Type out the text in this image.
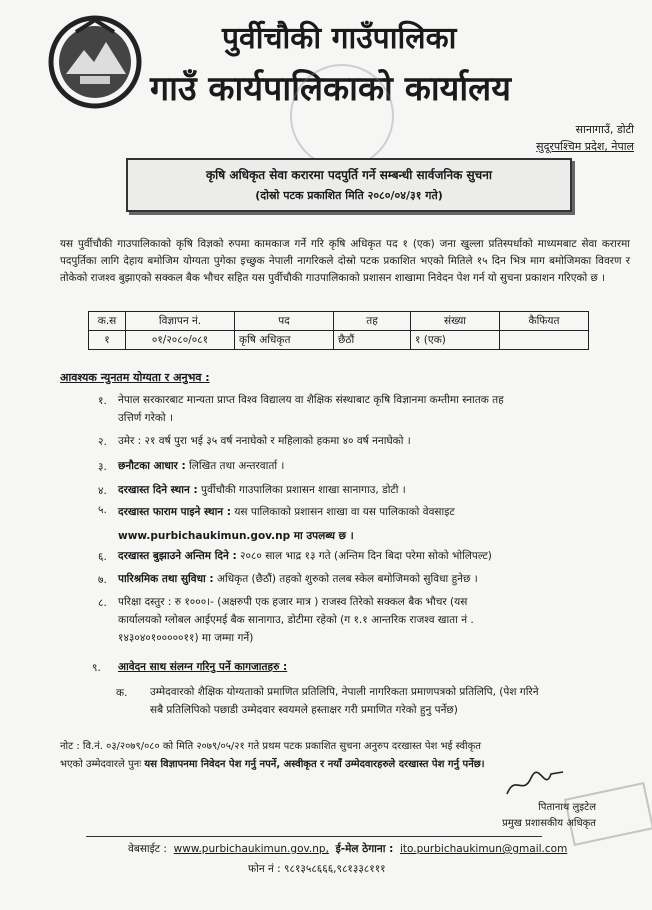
पुर्वीचौकी गाउँपालिका
गाउँ कार्यपालिकाको कार्यालय
सानागाउँ, डोटी
सुदूरपश्चिम प्रदेश, नेपाल
कृषि अधिकृत सेवा करारमा पदपुर्ति गर्ने सम्बन्धी सार्वजनिक सुचना
(दोस्रो पटक प्रकाशित मिति २०८०/०४/३१ गते)
यस पुर्वीचौकी गाउपालिकाको कृषि विज्ञको रुपमा कामकाज गर्ने गरि कृषि अधिकृत पद १ (एक) जना खुल्ला प्रतिस्पर्धाको माध्यमबाट सेवा करारमा पदपुर्तिका लागि देहाय बमोजिम योग्यता पुगेका इच्छुक नेपाली नागरिकले दोस्रो पटक प्रकाशित भएको मितिले १५ दिन भित्र माग बमोजिमका विवरण र तोकेको राजश्व बुझाएको सक्कल बैक भौचर सहित यस पुर्वीचौकी गाउपालिकाको प्रशासन शाखामा निवेदन पेश गर्न यो सुचना प्रकाशन गरिएको छ ।
क.स	विज्ञापन नं.	पद	तह	संख्या	कैफियत
१	०१/२०८०/०८१	कृषि अधिकृत	छैठौं	१ (एक)	
आवश्यक न्युनतम योग्यता र अनुभव :
१. नेपाल सरकारबाट मान्यता प्राप्त विश्व विद्यालय वा शैक्षिक संस्थाबाट कृषि विज्ञानमा कम्तीमा स्नातक तह
उत्तिर्ण गरेको ।
२. उमेर : २१ वर्ष पुरा भई ३५ वर्ष ननाघेको र महिलाको हकमा ४० वर्ष ननाघेको ।
३. छनौटका आधार : लिखित तथा अन्तरवार्ता ।
४. दरखास्त दिने स्थान : पुर्वीचौकी गाउपालिका प्रशासन शाखा सानागाउ, डोटी ।
५. दरखास्त फाराम पाइने स्थान : यस पालिकाको प्रशासन शाखा वा यस पालिकाको वेवसाइट
www.purbichaukimun.gov.np मा उपलब्ध छ ।
६. दरखास्त बुझाउने अन्तिम दिने : २०८० साल भाद्र १३ गते (अन्तिम दिन बिदा परेमा सोको भोलिपल्ट)
७. पारिश्रमिक तथा सुविधा : अधिकृत (छैठौं) तहको शुरुको तलब स्केल बमोजिमको सुविधा हुनेछ ।
८. परिक्षा दस्तुर : रु १०००।- (अक्षरुपी एक हजार मात्र ) राजस्व तिरेको सक्कल बैक भौचर (यस
कार्यालयको ग्लोबल आईएमई बैक सानागाउ, डोटीमा रहेको (ग १.१ आन्तरिक राजश्व खाता नं .
१४३०४०१०००००११) मा जम्मा गर्ने)
९. आवेदन साथ संलग्न गरिनु पर्ने कागजातहरु :
क. उम्मेदवारको शैक्षिक योग्यताको प्रमाणित प्रतिलिपि, नेपाली नागरिकता प्रमाणपत्रको प्रतिलिपि, (पेश गरिने
सबै प्रतिलिपिको पछाडी उम्मेदवार स्वयमले हस्ताक्षर गरी प्रमाणित गरेको हुनु पर्नेछ)
नोट : वि.नं. ०३/२०७९/०८० को मिति २०७९/०५/२१ गते प्रथम पटक प्रकाशित सुचना अनुरुप दरखास्त पेश भई स्वीकृत
भएको उम्मेदवारले पुनः यस विज्ञापनमा निवेदन पेश गर्नु नपर्ने, अस्वीकृत र नयाँ उम्मेदवारहरुले दरखास्त पेश गर्नु पर्नेछ।
पितानाथ लुइटेल
प्रमुख प्रशासकीय अधिकृत
वेबसाईट : www.purbichaukimun.gov.np, ई-मेल ठेगाना : ito.purbichaukimun@gmail.com
फोन नं : ९८१३५८६६६,९८१३३८१११
